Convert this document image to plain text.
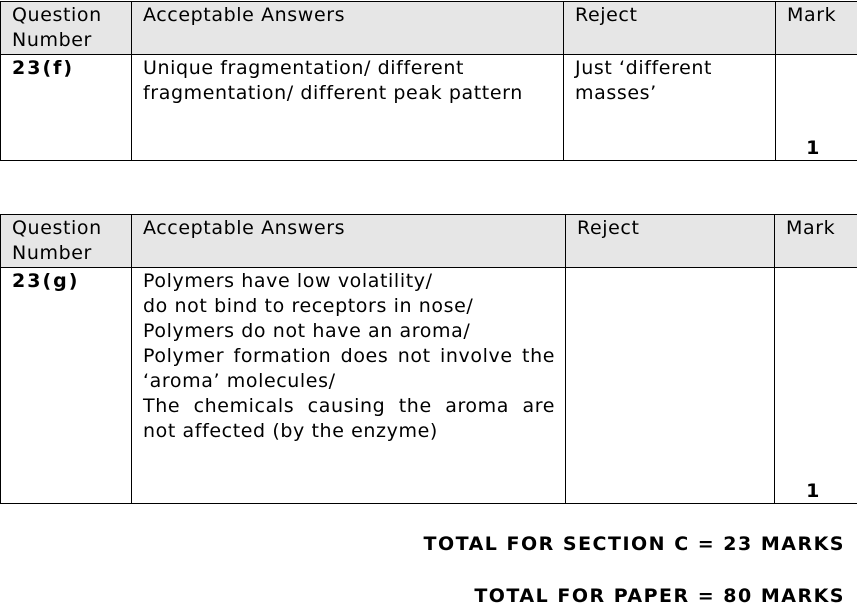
Question Number	Acceptable Answers	Reject	Mark
23(f)	Unique fragmentation/ different fragmentation/ different peak pattern	Just ‘different masses’	1
Question Number	Acceptable Answers	Reject	Mark
23(g)	Polymers have low volatility/
do not bind to receptors in nose/
Polymers do not have an aroma/
Polymer formation does not involve the ‘aroma’ molecules/
The chemicals causing the aroma are not affected (by the enzyme)		1
TOTAL FOR SECTION C = 23 MARKS
TOTAL FOR PAPER = 80 MARKS
